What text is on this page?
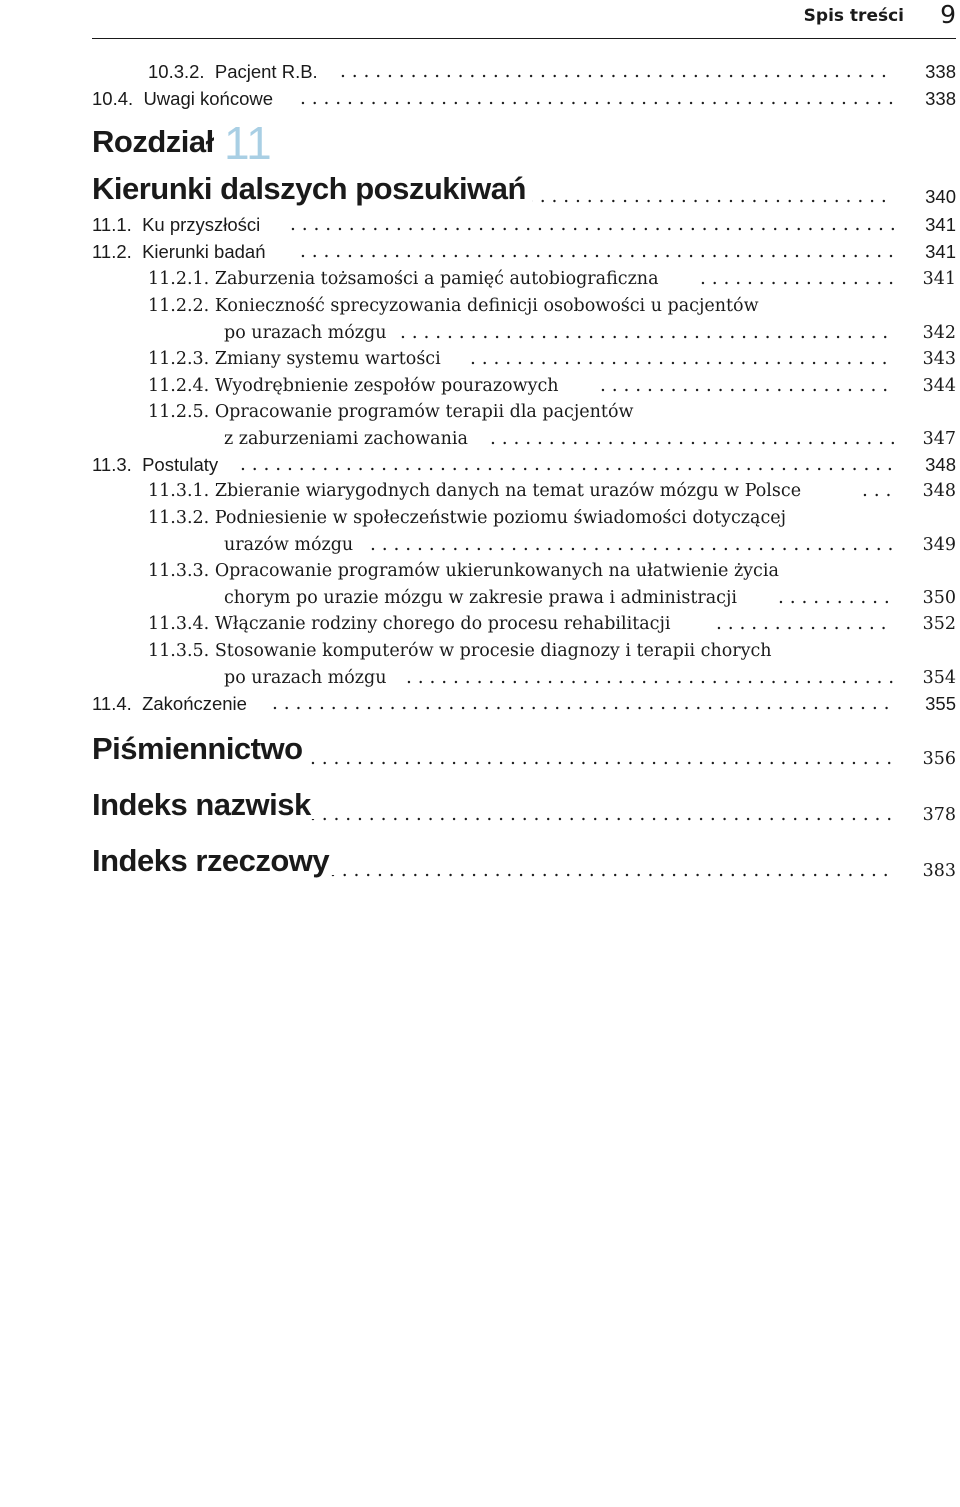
Spis treści 9
. . .
10.3.2. Pacjent R.B.	338
. . .
10.4. Uwagi końcowe	338
Rozdział 11
. . .
Kierunki dalszych poszukiwań	340
. . .
11.1. Ku przyszłości	341
. . .
11.2. Kierunki badań	341
. . .
11.2.1. Zaburzenia tożsamości a pamięć autobiograficzna	341
11.2.2. Konieczność sprecyzowania definicji osobowości u pacjentów
. . .
po urazach mózgu	342
. . .
11.2.3. Zmiany systemu wartości	343
. . .
11.2.4. Wyodrębnienie zespołów pourazowych	344
11.2.5. Opracowanie programów terapii dla pacjentów
. . .
z zaburzeniami zachowania	347
. . .
11.3. Postulaty	348
. . .
11.3.1. Zbieranie wiarygodnych danych na temat urazów mózgu w Polsce	348
11.3.2. Podniesienie w społeczeństwie poziomu świadomości dotyczącej
. . .
urazów mózgu	349
11.3.3. Opracowanie programów ukierunkowanych na ułatwienie życia
. . .
chorym po urazie mózgu w zakresie prawa i administracji	350
. . .
11.3.4. Włączanie rodziny chorego do procesu rehabilitacji	352
11.3.5. Stosowanie komputerów w procesie diagnozy i terapii chorych
. . .
po urazach mózgu	354
. . .
11.4. Zakończenie	355
. . .
Piśmiennictwo	356
. . .
Indeks nazwisk	378
. . .
Indeks rzeczowy	383
